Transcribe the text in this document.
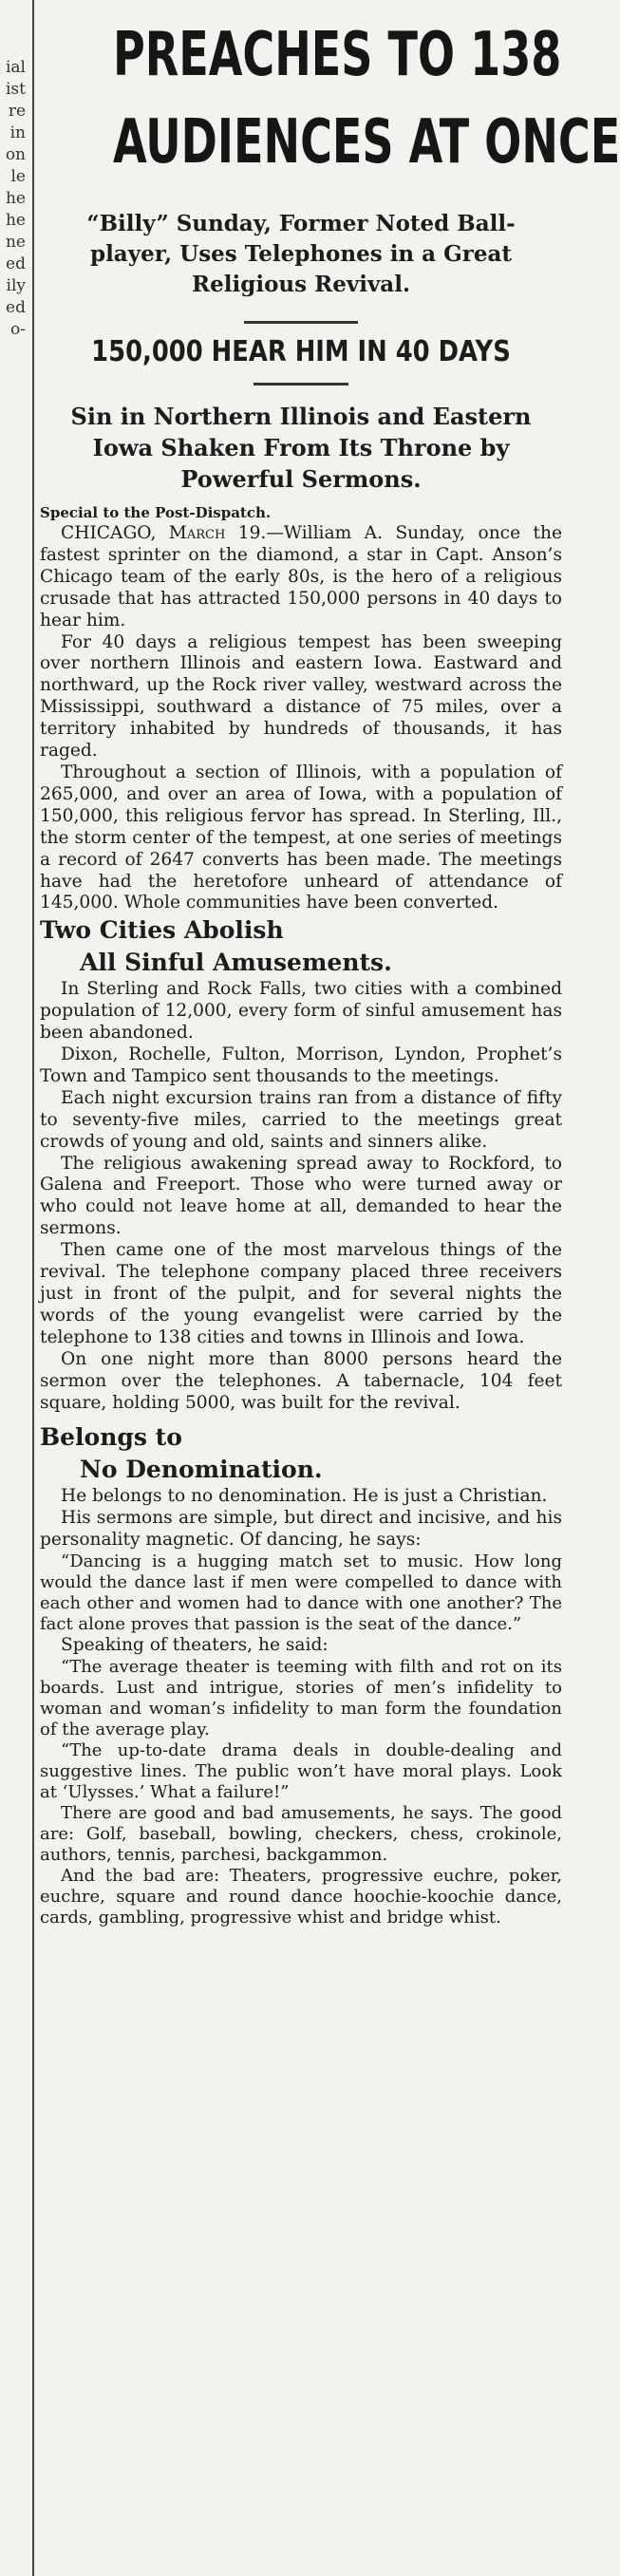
ial
ist
re
in
on
le
he
he
ne
ed
ily
ed
o-
PREACHES TO 138
AUDIENCES AT ONCE
“Billy” Sunday, Former Noted Ball-player, Uses Telephones in a Great Religious Revival.
150,000 HEAR HIM IN 40 DAYS
Sin in Northern Illinois and Eastern Iowa Shaken From Its Throne by Powerful Sermons.
Special to the Post-Dispatch.

CHICAGO, March 19.—William A. Sunday, once the fastest sprinter on the diamond, a star in Capt. Anson’s Chicago team of the early 80s, is the hero of a religious crusade that has attracted 150,000 persons in 40 days to hear him.

For 40 days a religious tempest has been sweeping over northern Illinois and eastern Iowa. Eastward and northward, up the Rock river valley, westward across the Mississippi, southward a distance of 75 miles, over a territory inhabited by hundreds of thousands, it has raged.

Throughout a section of Illinois, with a population of 265,000, and over an area of Iowa, with a population of 150,000, this religious fervor has spread. In Sterling, Ill., the storm center of the tempest, at one series of meetings a record of 2647 converts has been made. The meetings have had the heretofore unheard of attendance of 145,000. Whole communities have been converted.

Two Cities Abolish
All Sinful Amusements.

In Sterling and Rock Falls, two cities with a combined population of 12,000, every form of sinful amusement has been abandoned.

Dixon, Rochelle, Fulton, Morrison, Lyndon, Prophet’s Town and Tampico sent thousands to the meetings.

Each night excursion trains ran from a distance of fifty to seventy-five miles, carried to the meetings great crowds of young and old, saints and sinners alike.

The religious awakening spread away to Rockford, to Galena and Freeport. Those who were turned away or who could not leave home at all, demanded to hear the sermons.

Then came one of the most marvelous things of the revival. The telephone company placed three receivers just in front of the pulpit, and for several nights the words of the young evangelist were carried by the telephone to 138 cities and towns in Illinois and Iowa.

On one night more than 8000 persons heard the sermon over the telephones. A tabernacle, 104 feet square, holding 5000, was built for the revival.

Belongs to
No Denomination.

He belongs to no denomination. He is just a Christian.

His sermons are simple, but direct and incisive, and his personality magnetic. Of dancing, he says:

“Dancing is a hugging match set to music. How long would the dance last if men were compelled to dance with each other and women had to dance with one another? The fact alone proves that passion is the seat of the dance.”

Speaking of theaters, he said:

“The average theater is teeming with filth and rot on its boards. Lust and intrigue, stories of men’s infidelity to woman and woman’s infidelity to man form the foundation of the average play.

“The up-to-date drama deals in double-dealing and suggestive lines. The public won’t have moral plays. Look at ‘Ulysses.’ What a failure!”

There are good and bad amusements, he says. The good are: Golf, baseball, bowling, checkers, chess, crokinole, authors, tennis, parchesi, backgammon.

And the bad are: Theaters, progressive euchre, poker, euchre, square and round dance hoochie-koochie dance, cards, gambling, progressive whist and bridge whist.
